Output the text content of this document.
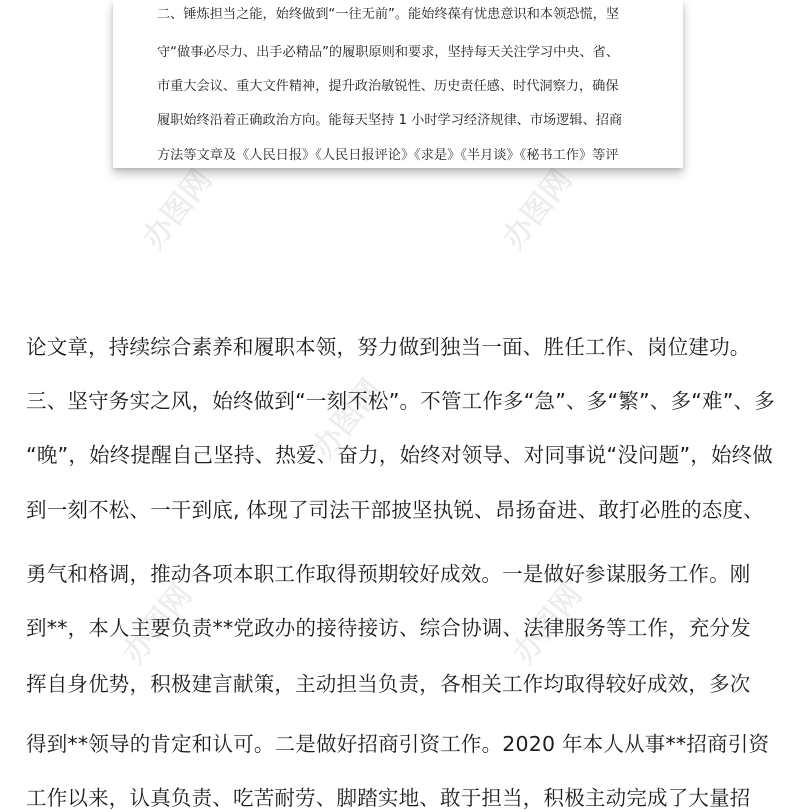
办图网	办图网
办图网
办图网	办图网
二、锤炼担当之能，始终做到“一往无前”。能始终葆有忧患意识和本领恐慌，坚
守“做事必尽力、出手必精品”的履职原则和要求，坚持每天关注学习中央、省、
市重大会议、重大文件精神，提升政治敏锐性、历史责任感、时代洞察力，确保
履职始终沿着正确政治方向。能每天坚持 1 小时学习经济规律、市场逻辑、招商
方法等文章及《人民日报》《人民日报评论》《求是》《半月谈》《秘书工作》等评
论文章，持续综合素养和履职本领，努力做到独当一面、胜任工作、岗位建功。
三、坚守务实之风，始终做到“一刻不松”。不管工作多“急”、多“繁”、多“难”、多
“晚”，始终提醒自己坚持、热爱、奋力，始终对领导、对同事说“没问题”，始终做
到一刻不松、一干到底, 体现了司法干部披坚执锐、昂扬奋进、敢打必胜的态度、
勇气和格调，推动各项本职工作取得预期较好成效。一是做好参谋服务工作。刚
到**，本人主要负责**党政办的接待接访、综合协调、法律服务等工作，充分发
挥自身优势，积极建言献策，主动担当负责，各相关工作均取得较好成效，多次
得到**领导的肯定和认可。二是做好招商引资工作。2020 年本人从事**招商引资
工作以来，认真负责、吃苦耐劳、脚踏实地、敢于担当，积极主动完成了大量招
